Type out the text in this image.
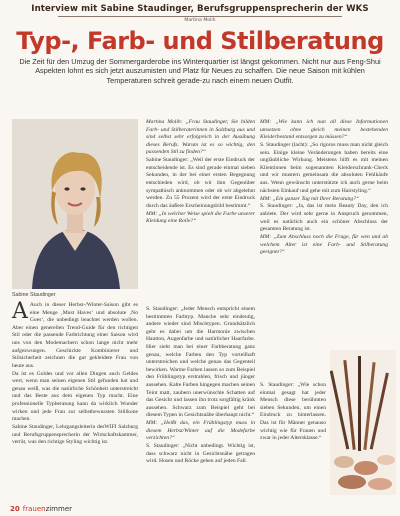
Interview mit Sabine Staudinger, Berufsgruppensprecherin der WKS
Martina Molih
Typ-, Farb- und Stilberatung
Die Zeit für den Umzug der Sommergarderobe ins Winterquartier ist längst gekommen. Nicht nur aus Feng-Shui Aspekten lohnt es sich jetzt auszumisten und Platz für Neues zu schaffen. Die neue Saison mit kühlen Temperaturen schreit gerade-zu nach einem neuen Outfit.
Sabine Staudinger

Martina Molih: „Frau Staudinger, Sie bilden Farb- und Stilberaterinnen in Salzburg aus und sind selbst sehr erfolgreich in der Ausübung dieses Berufs. Warum ist es so wichtig, den passenden Stil zu finden?“

Sabine Staudinger: „Weil der erste Eindruck der entscheidende ist. Es sind gerade einmal sieben Sekunden, in der bei einer ersten Begegnung entschieden wird, ob wir ihm Gegenüber sympathisch anknommen oder ob wir abgelehnt werden. Zu 55 Prozent wird der erste Eindruck durch das äußere Erscheinungsbild bestimmt.“

MM: „In welcher Weise spielt die Farbe unserer Kleidung eine Rolle?“

A Auch in dieser Herbst-/Winter-Saison gibt es eine Menge ‚Must Haves‘ und absolute ‚No Goes‘, die unbedingt beachtet werden wollen. Aber einen generellen Trend-Guide für den richtigen Stil oder die passende Farbrichtung einer Saison wird uns von den Modemachern schon lange nicht mehr aufgezwungen. Geschickte Kombinierer und Stilsicherheit zeichnen die gut gekleidete Frau von heute aus.

Da ist es Goldes und vor allen Dingen auch Geldes wert, wenn man seinen eigenen Stil gefunden hat und genau weiß, was die natürliche Schönheit unterstreicht und das Beste aus dem eigenen Typ macht. Eine professionelle Typberatung kann da wirklich Wunder wirken und jede Frau zur selbstbewussten Stilikone machen.

Sabine Staudinger, Lehrgangsleiterin desWIFI Salzburg und Berufsgruppensprecherin der Wirtschaftskammer, verrät, was den richtige Styling wichtig ist.

S. Staudinger: „Jeder Mensch entspricht einem bestimmten Farbtyp. Manche sehr eindeutig, andere wieder sind Mischtypen. Grundsätzlich geht es dabei um die Harmonie zwischen Hautton, Augenfarbe und natürlicher Haarfarbe. Hier sieht man bei einer Farbberatung ganz genau, welche Farben den Typ vorteilhaft unterstreichen und welche genau das Gegenteil bewirken. Warme Farben lassen so zum Beispiel den Frühlingstyp erstrahlen, frisch und jünger aussehen. Kalte Farben hingegen machen seinen Teint matt, zaubern unerwünschte Schatten auf das Gesicht und lassen ihn trotz sorgfältig kränk aussehen. Schwarz zum Beispiel geht bei diesem Typen in Gesichtsnähe überhaupt nicht.“

MM: „Heißt das, ein Frühlingstyp muss in diesem Herbst/Winter auf die Modefarbe verzichten?“

S. Staudinger: „Nicht unbedingt. Wichtig ist, dass schwarz nicht in Gesichtsnähe getragen wird. Hosen und Röcke gehen auf jeden Fall.

MM: „Wie kann ich nun all diese Informationen umsetzen ohne gleich meinen bestehenden Kleiderbestand entsorgen zu müssen?“

S. Staudinger (lacht): „So rigoros muss man nicht gleich sein. Einige kleine Veränderungen haben bereits eine ungläubliche Wirkung. Meistens hilft es mit meinen Klientinnen beim sogenannten Kleiderschrank-Check und wir mustern gemeinsam die absoluten Fehlkäufe aus. Wenn gewünscht unterstützte ich auch gerne beim nächsten Einkauf und gehe mit zum Hairstyling.“

MM: „Ein ganzer Tag mit Ihrer Beratung?“

S. Staudinger: „Ja, das ist mein Beauty Day, den ich anbiete. Der wird sehr gerne in Anspruch genommen, weil es natürlich auch ein schöner Abschluss der gesamten Beratung ist.

MM: „Zum Abschluss noch die Frage, für wen und ab welchem Alter ist eine Farb- und Stilberatung geeignet?“

S. Staudinger: „Wie schon einmal gesagt hat jeder Mensch diese berühmten sieben Sekunden, um einen Eindruck zu hinterlassen. Das ist für Männer genauso wichtig wie für Frauen und zwar in jeder Altersklasse.“

20 frauenzimmer
